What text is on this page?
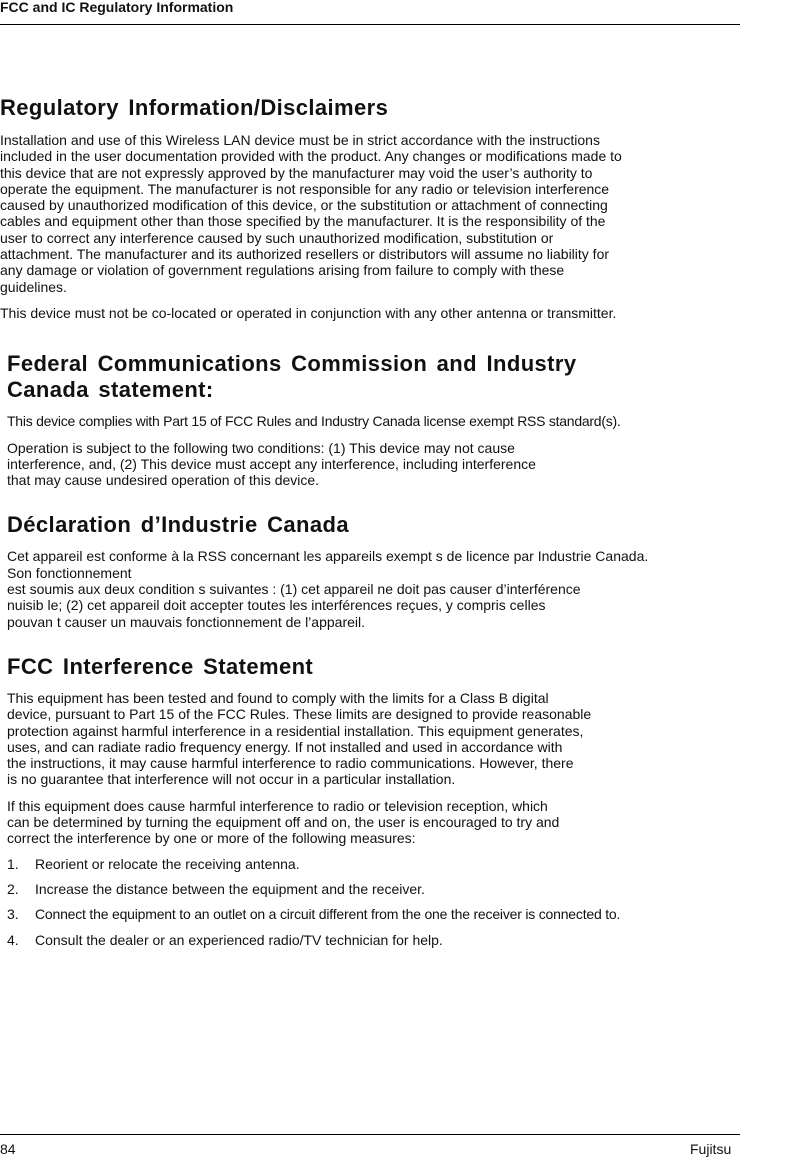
FCC and IC Regulatory Information
Regulatory Information/Disclaimers

Installation and use of this Wireless LAN device must be in strict accordance with the instructions
included in the user documentation provided with the product. Any changes or modifications made to
this device that are not expressly approved by the manufacturer may void the user’s authority to
operate the equipment. The manufacturer is not responsible for any radio or television interference
caused by unauthorized modification of this device, or the substitution or attachment of connecting
cables and equipment other than those specified by the manufacturer. It is the responsibility of the
user to correct any interference caused by such unauthorized modification, substitution or
attachment. The manufacturer and its authorized resellers or distributors will assume no liability for
any damage or violation of government regulations arising from failure to comply with these
guidelines.

This device must not be co-located or operated in conjunction with any other antenna or transmitter.

Federal Communications Commission and Industry
Canada statement:

This device complies with Part 15 of FCC Rules and Industry Canada license exempt RSS standard(s).

Operation is subject to the following two conditions: (1) This device may not cause
interference, and, (2) This device must accept any interference, including interference
that may cause undesired operation of this device.

Déclaration d’Industrie Canada

Cet appareil est conforme à la RSS concernant les appareils exempt s de licence par Industrie Canada.
Son fonctionnement
est soumis aux deux condition s suivantes : (1) cet appareil ne doit pas causer d’interférence
nuisib le; (2) cet appareil doit accepter toutes les interférences reçues, y compris celles
pouvan t causer un mauvais fonctionnement de l’appareil.

FCC Interference Statement

This equipment has been tested and found to comply with the limits for a Class B digital
device, pursuant to Part 15 of the FCC Rules. These limits are designed to provide reasonable
protection against harmful interference in a residential installation. This equipment generates,
uses, and can radiate radio frequency energy. If not installed and used in accordance with
the instructions, it may cause harmful interference to radio communications. However, there
is no guarantee that interference will not occur in a particular installation.

If this equipment does cause harmful interference to radio or television reception, which
can be determined by turning the equipment off and on, the user is encouraged to try and
correct the interference by one or more of the following measures:

1. Reorient or relocate the receiving antenna.
2. Increase the distance between the equipment and the receiver.
3. Connect the equipment to an outlet on a circuit different from the one the receiver is connected to.
4. Consult the dealer or an experienced radio/TV technician for help.
84	Fujitsu
